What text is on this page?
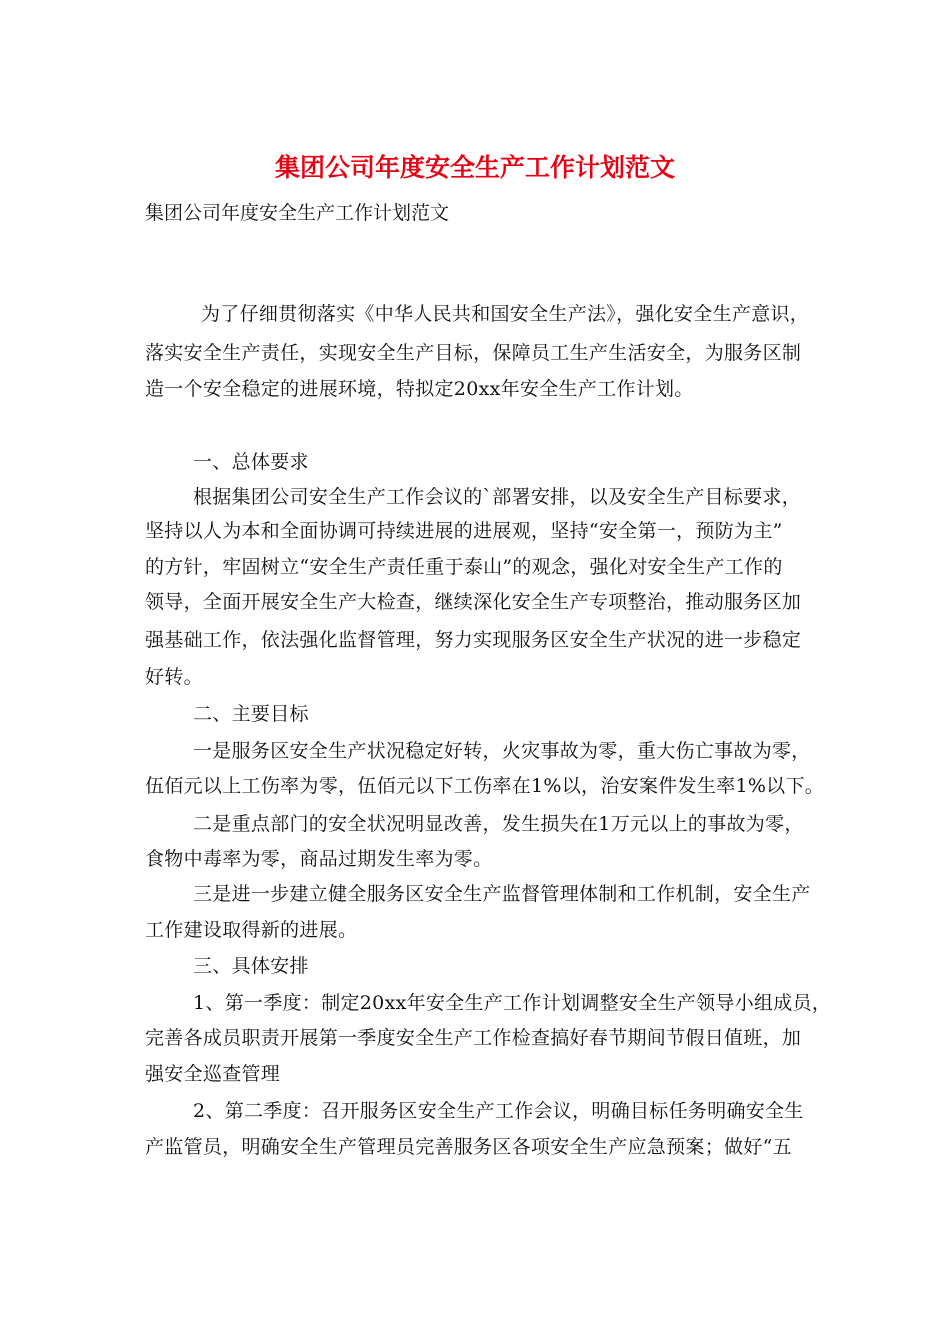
集团公司年度安全生产工作计划范文
集团公司年度安全生产工作计划范文
为了仔细贯彻落实《中华人民共和国安全生产法》，强化安全生产意识，
落实安全生产责任，实现安全生产目标，保障员工生产生活安全，为服务区制
造一个安全稳定的进展环境，特拟定20xx年安全生产工作计划。
一、总体要求
根据集团公司安全生产工作会议的`部署安排，以及安全生产目标要求，
坚持以人为本和全面协调可持续进展的进展观，坚持“安全第一，预防为主”
的方针，牢固树立“安全生产责任重于泰山”的观念，强化对安全生产工作的
领导，全面开展安全生产大检查，继续深化安全生产专项整治，推动服务区加
强基础工作，依法强化监督管理，努力实现服务区安全生产状况的进一步稳定
好转。
二、主要目标
一是服务区安全生产状况稳定好转，火灾事故为零，重大伤亡事故为零，
伍佰元以上工伤率为零，伍佰元以下工伤率在1%以，治安案件发生率1%以下。
二是重点部门的安全状况明显改善，发生损失在1万元以上的事故为零，
食物中毒率为零，商品过期发生率为零。
三是进一步建立健全服务区安全生产监督管理体制和工作机制，安全生产
工作建设取得新的进展。
三、具体安排
1、第一季度：制定20xx年安全生产工作计划调整安全生产领导小组成员，
完善各成员职责开展第一季度安全生产工作检查搞好春节期间节假日值班，加
强安全巡查管理
2、第二季度：召开服务区安全生产工作会议，明确目标任务明确安全生
产监管员，明确安全生产管理员完善服务区各项安全生产应急预案；做好“五
